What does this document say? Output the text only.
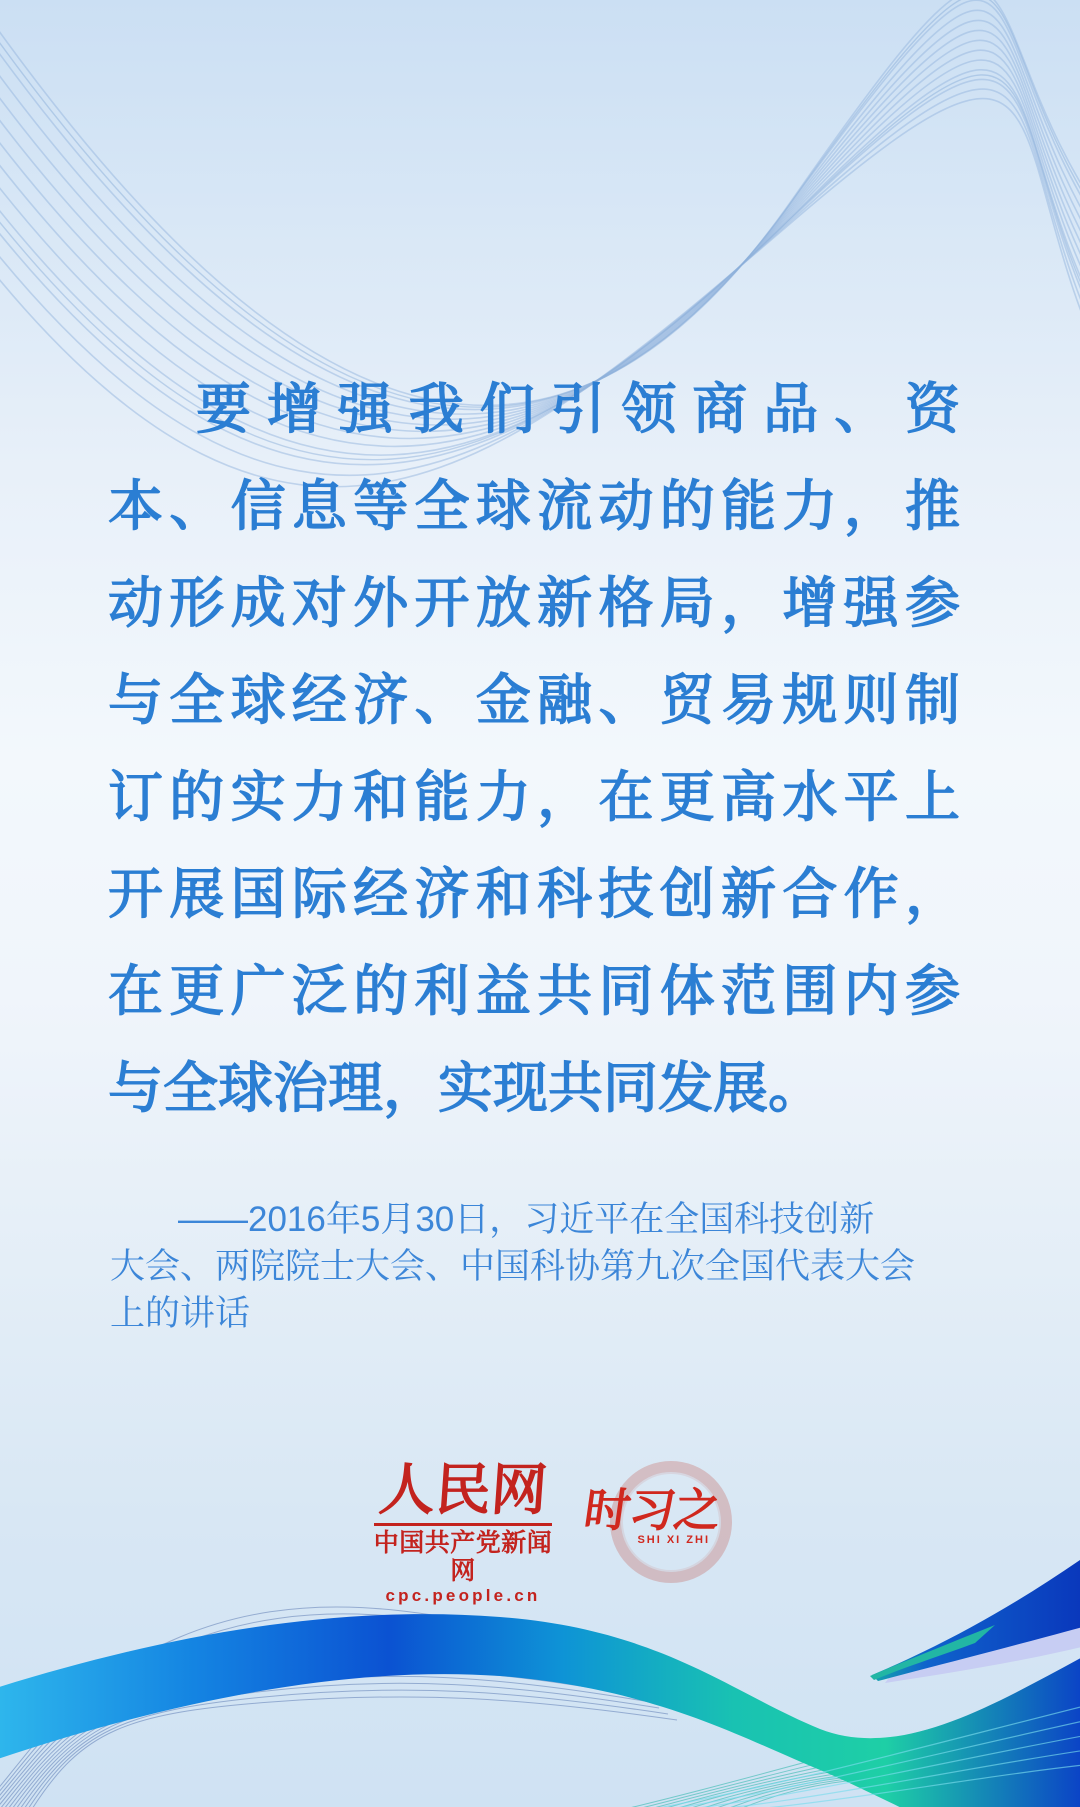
要增强我们引领商品、资
本、信息等全球流动的能力，推
动形成对外开放新格局，增强参
与全球经济、金融、贸易规则制
订的实力和能力，在更高水平上
开展国际经济和科技创新合作，
在更广泛的利益共同体范围内参
与全球治理，实现共同发展。
——2016年5月30日，习近平在全国科技创新
大会、两院院士大会、中国科协第九次全国代表大会
上的讲话
人民网
中国共产党新闻网
cpc.people.cn
时习之
SHI XI ZHI
